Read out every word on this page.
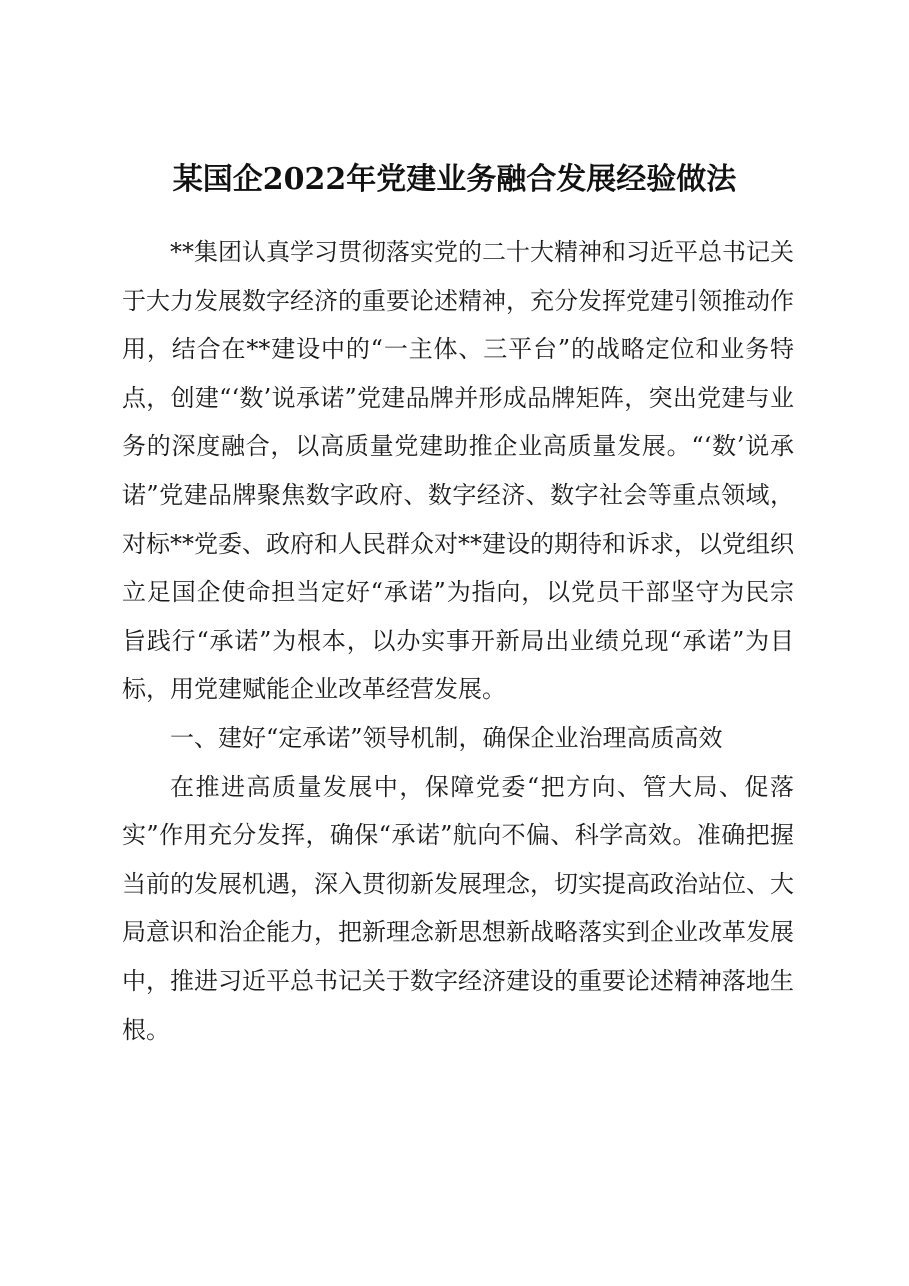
某国企2022年党建业务融合发展经验做法

**集团认真学习贯彻落实党的二十大精神和习近平总书记关于大力发展数字经济的重要论述精神，充分发挥党建引领推动作用，结合在**建设中的“一主体、三平台”的战略定位和业务特点，创建“‘数’说承诺”党建品牌并形成品牌矩阵，突出党建与业务的深度融合，以高质量党建助推企业高质量发展。“‘数’说承诺”党建品牌聚焦数字政府、数字经济、数字社会等重点领域，对标**党委、政府和人民群众对**建设的期待和诉求，以党组织立足国企使命担当定好“承诺”为指向，以党员干部坚守为民宗旨践行“承诺”为根本，以办实事开新局出业绩兑现“承诺”为目标，用党建赋能企业改革经营发展。

一、建好“定承诺”领导机制，确保企业治理高质高效

在推进高质量发展中，保障党委“把方向、管大局、促落实”作用充分发挥，确保“承诺”航向不偏、科学高效。准确把握当前的发展机遇，深入贯彻新发展理念，切实提高政治站位、大局意识和治企能力，把新理念新思想新战略落实到企业改革发展中，推进习近平总书记关于数字经济建设的重要论述精神落地生根。
